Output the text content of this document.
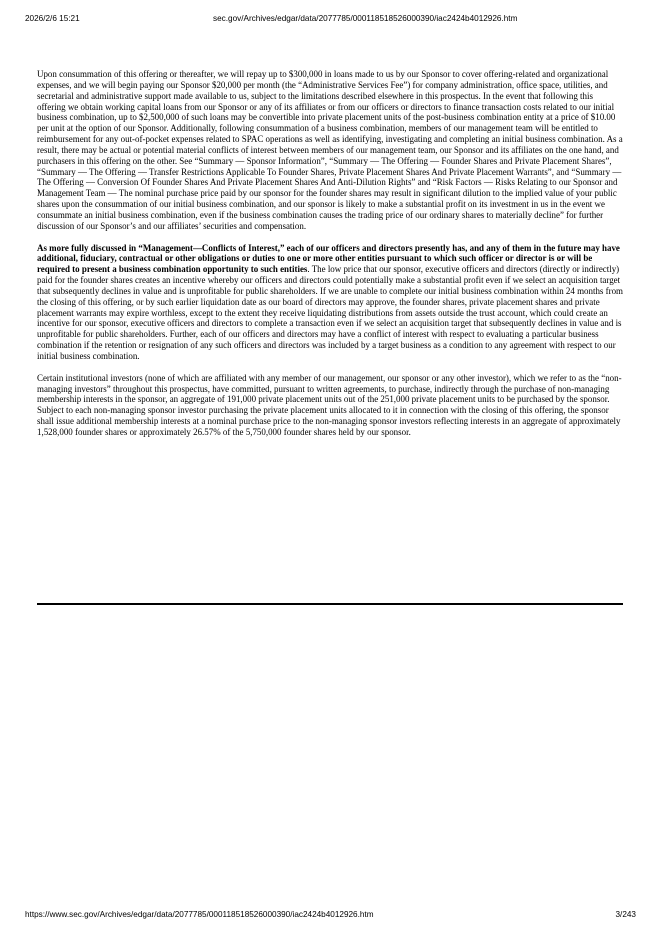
2026/2/6 15:21	sec.gov/Archives/edgar/data/2077785/000118518526000390/iac2424b4012926.htm

Upon consummation of this offering or thereafter, we will repay up to $300,000 in loans made to us by our Sponsor to cover offering-related and organizational expenses, and we will begin paying our Sponsor $20,000 per month (the “Administrative Services Fee”) for company administration, office space, utilities, and secretarial and administrative support made available to us, subject to the limitations described elsewhere in this prospectus. In the event that following this offering we obtain working capital loans from our Sponsor or any of its affiliates or from our officers or directors to finance transaction costs related to our initial business combination, up to $2,500,000 of such loans may be convertible into private placement units of the post-business combination entity at a price of $10.00 per unit at the option of our Sponsor. Additionally, following consummation of a business combination, members of our management team will be entitled to reimbursement for any out-of-pocket expenses related to SPAC operations as well as identifying, investigating and completing an initial business combination. As a result, there may be actual or potential material conflicts of interest between members of our management team, our Sponsor and its affiliates on the one hand, and purchasers in this offering on the other. See “Summary — Sponsor Information”, “Summary — The Offering — Founder Shares and Private Placement Shares”, “Summary — The Offering — Transfer Restrictions Applicable To Founder Shares, Private Placement Shares And Private Placement Warrants”, and “Summary — The Offering — Conversion Of Founder Shares And Private Placement Shares And Anti-Dilution Rights” and “Risk Factors — Risks Relating to our Sponsor and Management Team — The nominal purchase price paid by our sponsor for the founder shares may result in significant dilution to the implied value of your public shares upon the consummation of our initial business combination, and our sponsor is likely to make a substantial profit on its investment in us in the event we consummate an initial business combination, even if the business combination causes the trading price of our ordinary shares to materially decline” for further discussion of our Sponsor’s and our affiliates’ securities and compensation.

As more fully discussed in “Management—Conflicts of Interest,” each of our officers and directors presently has, and any of them in the future may have additional, fiduciary, contractual or other obligations or duties to one or more other entities pursuant to which such officer or director is or will be required to present a business combination opportunity to such entities. The low price that our sponsor, executive officers and directors (directly or indirectly) paid for the founder shares creates an incentive whereby our officers and directors could potentially make a substantial profit even if we select an acquisition target that subsequently declines in value and is unprofitable for public shareholders. If we are unable to complete our initial business combination within 24 months from the closing of this offering, or by such earlier liquidation date as our board of directors may approve, the founder shares, private placement shares and private placement warrants may expire worthless, except to the extent they receive liquidating distributions from assets outside the trust account, which could create an incentive for our sponsor, executive officers and directors to complete a transaction even if we select an acquisition target that subsequently declines in value and is unprofitable for public shareholders. Further, each of our officers and directors may have a conflict of interest with respect to evaluating a particular business combination if the retention or resignation of any such officers and directors was included by a target business as a condition to any agreement with respect to our initial business combination.

Certain institutional investors (none of which are affiliated with any member of our management, our sponsor or any other investor), which we refer to as the “non-managing investors” throughout this prospectus, have committed, pursuant to written agreements, to purchase, indirectly through the purchase of non-managing membership interests in the sponsor, an aggregate of 191,000 private placement units out of the 251,000 private placement units to be purchased by the sponsor. Subject to each non-managing sponsor investor purchasing the private placement units allocated to it in connection with the closing of this offering, the sponsor shall issue additional membership interests at a nominal purchase price to the non-managing sponsor investors reflecting interests in an aggregate of approximately 1,528,000 founder shares or approximately 26.57% of the 5,750,000 founder shares held by our sponsor.

https://www.sec.gov/Archives/edgar/data/2077785/000118518526000390/iac2424b4012926.htm	3/243
